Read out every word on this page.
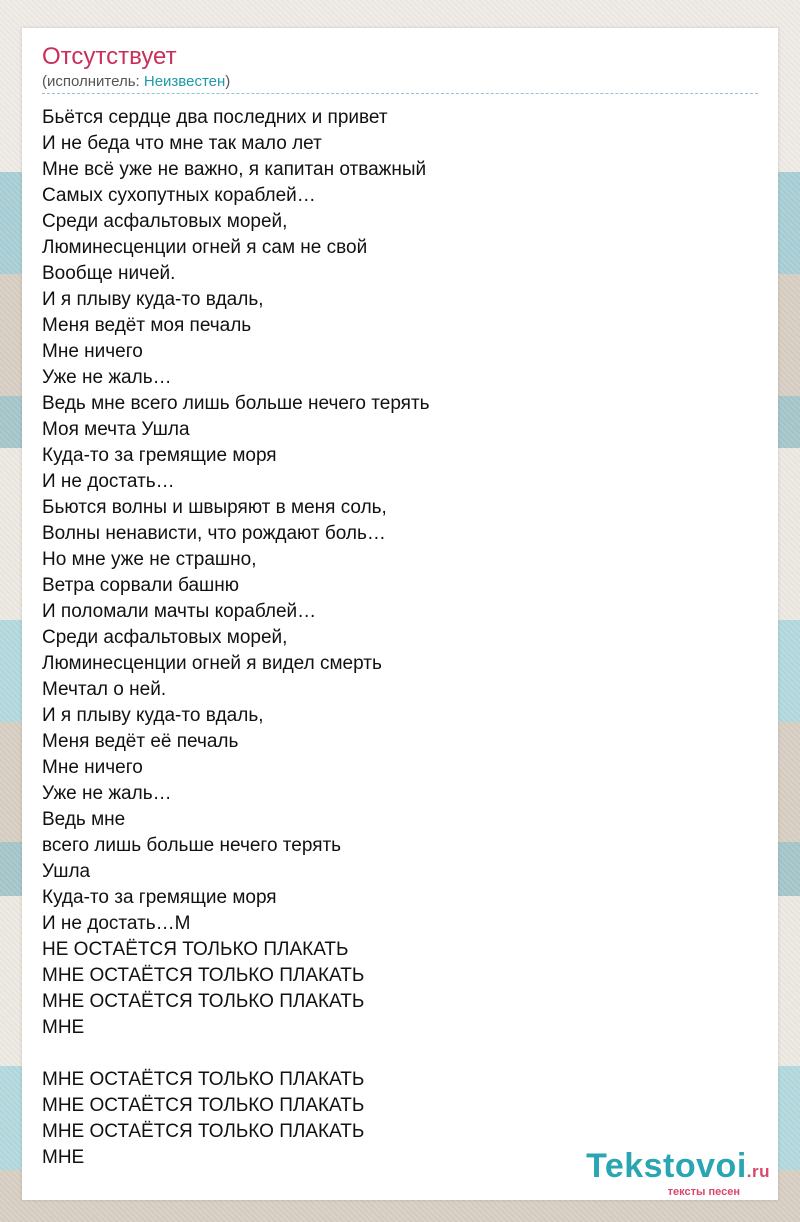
Отсутствует
(исполнитель: Неизвестен)
Бьётся сердце два последних и привет
И не беда что мне так мало лет
Мне всё уже не важно, я капитан отважный
Самых сухопутных кораблей…
Среди асфальтовых морей,
Люминесценции огней я сам не свой
Вообще ничей.
И я плыву куда-то вдаль,
Меня ведёт моя печаль
Мне ничего
Уже не жаль…
Ведь мне всего лишь больше нечего терять
Моя мечта Ушла
Куда-то за гремящие моря
И не достать…
Бьются волны и швыряют в меня соль,
Волны ненависти, что рождают боль…
Но мне уже не страшно,
Ветра сорвали башню
И поломали мачты кораблей…
Среди асфальтовых морей,
Люминесценции огней я видел смерть
Мечтал о ней.
И я плыву куда-то вдаль,
Меня ведёт её печаль
Мне ничего
Уже не жаль…
Ведь мне
всего лишь больше нечего терять
Ушла
Куда-то за гремящие моря
И не достать…М
НЕ ОСТАЁТСЯ ТОЛЬКО ПЛАКАТЬ
МНЕ ОСТАЁТСЯ ТОЛЬКО ПЛАКАТЬ
МНЕ ОСТАЁТСЯ ТОЛЬКО ПЛАКАТЬ
МНЕ
МНЕ ОСТАЁТСЯ ТОЛЬКО ПЛАКАТЬ
МНЕ ОСТАЁТСЯ ТОЛЬКО ПЛАКАТЬ
МНЕ ОСТАЁТСЯ ТОЛЬКО ПЛАКАТЬ
МНЕ	Tekstovoi.ru
тексты песен
